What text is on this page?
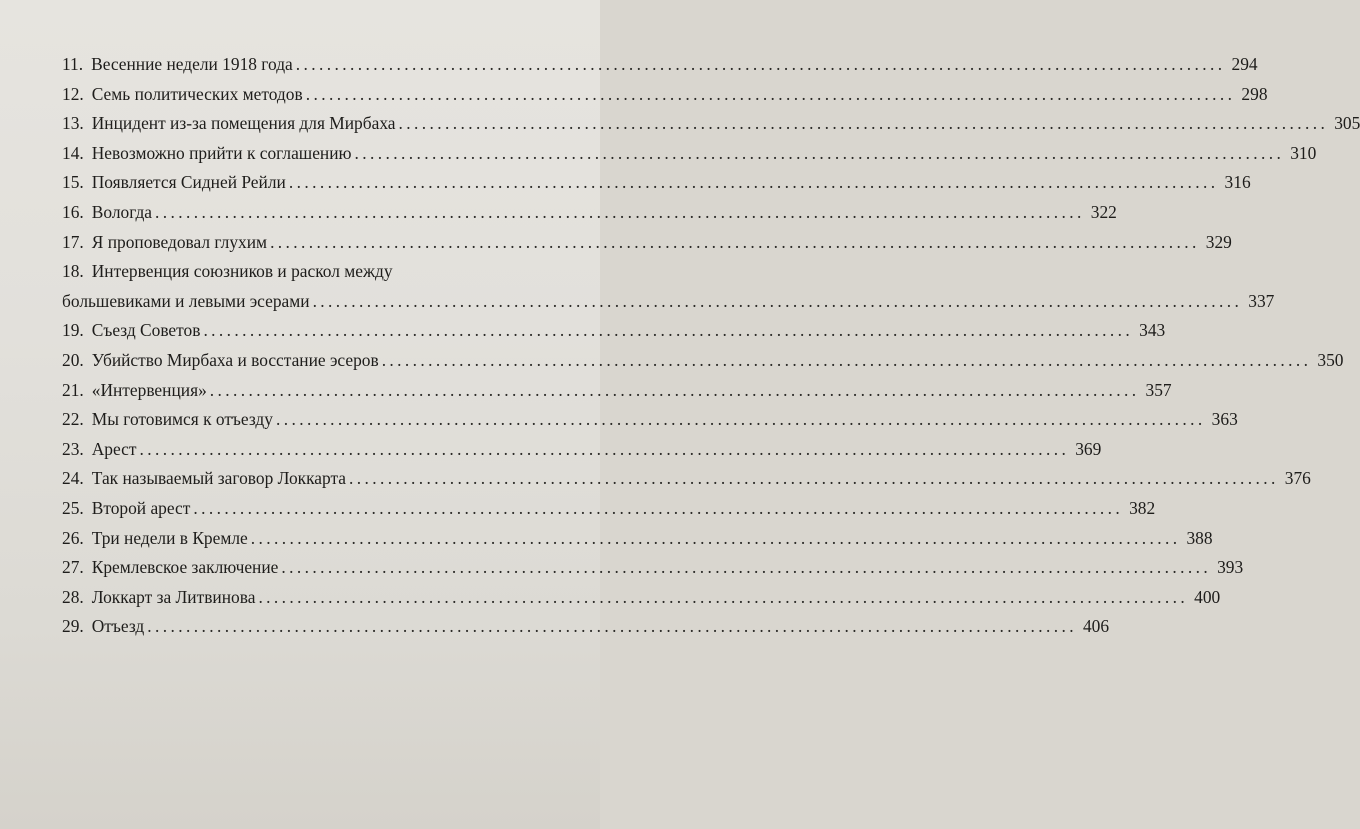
11. Весенние недели 1918 года .....	294
12. Семь политических методов .....	298
13. Инцидент из-за помещения для Мирбаха .....	305
14. Невозможно прийти к соглашению .....	310
15. Появляется Сидней Рейли .....	316
16. Вологда .....	322
17. Я проповедовал глухим .....	329
18. Интервенция союзников и раскол между
большевиками и левыми эсерами .....	337
19. Съезд Советов .....	343
20. Убийство Мирбаха и восстание эсеров .....	350
21. «Интервенция» .....	357
22. Мы готовимся к отъезду .....	363
23. Арест .....	369
24. Так называемый заговор Локкарта .....	376
25. Второй арест .....	382
26. Три недели в Кремле .....	388
27. Кремлевское заключение .....	393
28. Локкарт за Литвинова .....	400
29. Отъезд .....	406
